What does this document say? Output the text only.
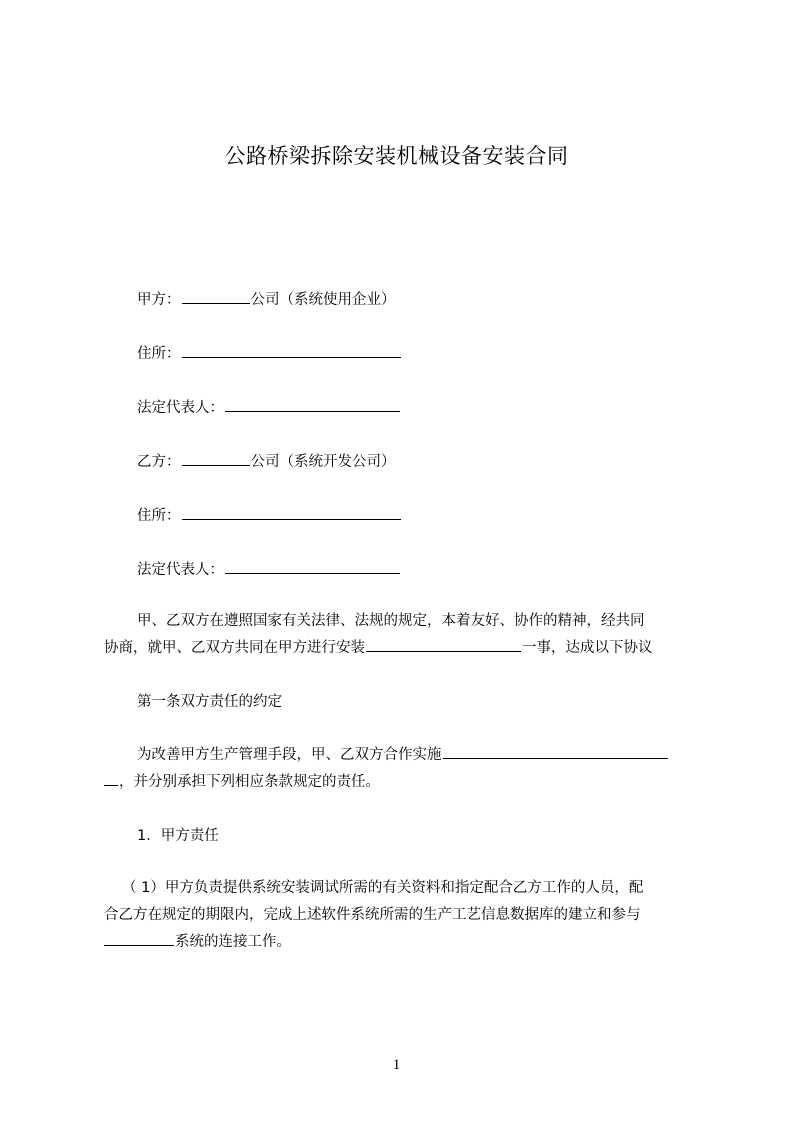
公路桥梁拆除安装机械设备安装合同
甲方：	公司（系统使用企业）
住所：
法定代表人：
乙方：	公司（系统开发公司）
住所：
法定代表人：
甲、乙双方在遵照国家有关法律、法规的规定，本着友好、协作的精神，经共同
协商，就甲、乙双方共同在甲方进行安装	一事，达成以下协议
第一条双方责任的约定
为改善甲方生产管理手段，甲、乙双方合作实施
，并分别承担下列相应条款规定的责任。
1．甲方责任
（ 1）甲方负责提供系统安装调试所需的有关资料和指定配合乙方工作的人员，配
合乙方在规定的期限内，完成上述软件系统所需的生产工艺信息数据库的建立和参与
系统的连接工作。
1
